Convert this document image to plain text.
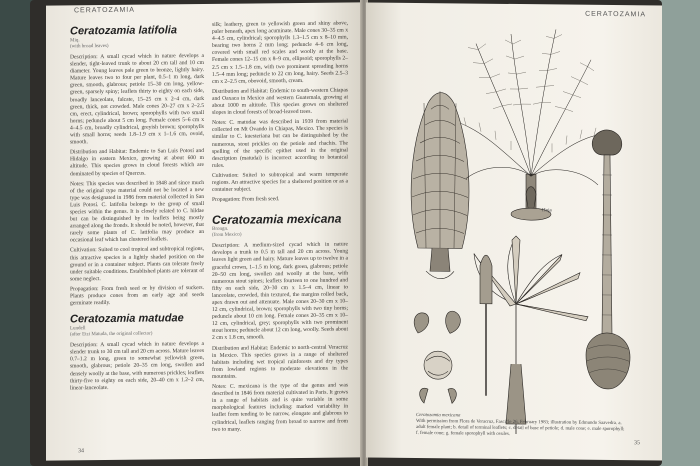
CERATOZAMIA
Ceratozamia latifolia
Miq.
(with broad leaves)

Description: A small cycad which in nature develops a slender, tight-leaved trunk to about 20 cm tall and 10 cm diameter. Young leaves pale green to bronze, lightly hairy. Mature leaves two to four per plant, 0.5–1 m long, dark green, smooth, glabrous; petiole 15–30 cm long, yellow-green, sparsely spiny; leaflets thirty to eighty on each side, broadly lanceolate, falcate, 15–25 cm x 2–4 cm, dark green, thick, not crowded. Male cones 20–27 cm x 2–2.5 cm, erect, cylindrical, brown; sporophylls with two small horns; peduncle about 5 cm long. Female cones 5–6 cm x 4–4.5 cm, broadly cylindrical, greyish brown; sporophylls with small horns; seeds 1.8–1.9 cm x 1–1.6 cm, ovoid, smooth.

Distribution and Habitat: Endemic to San Luis Potosí and Hidalgo in eastern Mexico, growing at about 600 m altitude. This species grows in cloud forests which are dominated by species of Quercus.

Notes: This species was described in 1848 and since much of the original type material could not be located a new type was designated in 1986 from material collected in San Luis Potosí. C. latifolia belongs to the group of small species within the genus. It is closely related to C. hildae but can be distinguished by its leaflets being mostly arranged along the fronds. It should be noted, however, that rarely some plants of C. latifolia may produce an occasional leaf which has clustered leaflets.

Cultivation: Suited to cool tropical and subtropical regions, this attractive species is a lightly shaded position on the ground or in a container subject. Plants can tolerate freely under suitable conditions. Established plants are tolerant of some neglect.

Propagation: From fresh seed or by division of suckers. Plants produce cones from an early age and seeds germinate readily.

Ceratozamia matudae
Lundell
(after Eizi Matuda, the original collector)

Description: A small cycad which in nature develops a slender trunk to 30 cm tall and 20 cm across. Mature leaves 0.7–1.2 m long, green to somewhat yellowish green, smooth, glabrous; petiole 20–35 cm long, swollen and densely woolly at the base, with numerous prickles; leaflets thirty-five to eighty on each side, 20–40 cm x 1.2–2 cm, linear-lanceolate.

silk; leathery, green to yellowish green and shiny above, paler beneath, apex long acuminate. Male cones 30–35 cm x 4–4.5 cm, cylindrical; sporophylls 1.3–1.5 cm x 8–10 mm, bearing two horns 2 mm long; peduncle 4–6 cm long, covered with small red scales and woolly at the base. Female cones 12–15 cm x 8–9 cm, ellipsoid; sporophylls 2–2.5 cm x 1.5–1.8 cm, with two prominent spreading horns 1.5–4 mm long; peduncle to 22 cm long, hairy. Seeds 2.5–3 cm x 2–2.5 cm, obovoid, smooth, cream.

Distribution and Habitat: Endemic to south-western Chiapas and Oaxaca in Mexico and western Guatemala, growing at about 1000 m altitude. This species grows on sheltered slopes in cloud forests of broad-leaved trees.

Notes: C. matudae was described in 1939 from material collected on Mt Ovando in Chiapas, Mexico. The species is similar to C. kuesteriana but can be distinguished by the numerous, stout prickles on the petiole and rhachis. The spelling of the specific epithet used in the original description (matudai) is incorrect according to botanical rules.

Cultivation: Suited to subtropical and warm temperate regions. An attractive species for a sheltered position or as a container subject.

Propagation: From fresh seed.

Ceratozamia mexicana
Brongn.
(from Mexico)

Description: A medium-sized cycad which in nature develops a trunk to 0.5 m tall and 20 cm across. Young leaves light green and hairy. Mature leaves up to twelve in a graceful crown, 1–1.5 m long, dark green, glabrous; petiole 20–50 cm long, swollen and woolly at the base, with numerous stout spines; leaflets fourteen to one hundred and fifty on each side, 20–30 cm x 1.5–4 cm, linear to lanceolate, crowded, thin textured, the margins rolled back, apex drawn out and attenuate. Male cones 20–30 cm x 10–12 cm, cylindrical, brown; sporophylls with two tiny horns; peduncle about 10 cm long. Female cones 20–35 cm x 10–12 cm, cylindrical, grey; sporophylls with two prominent stout horns; peduncle about 12 cm long, woolly. Seeds about 2 cm x 1.8 cm, smooth.

Distribution and Habitat: Endemic to north-central Veracruz in Mexico. This species grows in a range of sheltered habitats including wet tropical rainforests and dry types from lowland regions to moderate elevations in the mountains.

Notes: C. mexicana is the type of the genus and was described in 1846 from material cultivated in Paris. It grows in a range of habitats and is quite variable in some morphological features including: marked variability in leaflet form tending to be narrow, elongate and glabrous to cylindrical, leaflets ranging from broad to narrow and from two to many.

34
CERATOZAMIA
Hoja
Ceratozamia mexicana
With permission from Flora de Veracruz, Fascicle 26, February 1983; illustration by Edmundo Saavedra. a. adult female plant; b. detail of terminal leaflets; c. detail of base of petiole; d. male cone; e. male sporophyll; f. female cone; g. female sporophyll with ovules.
35
